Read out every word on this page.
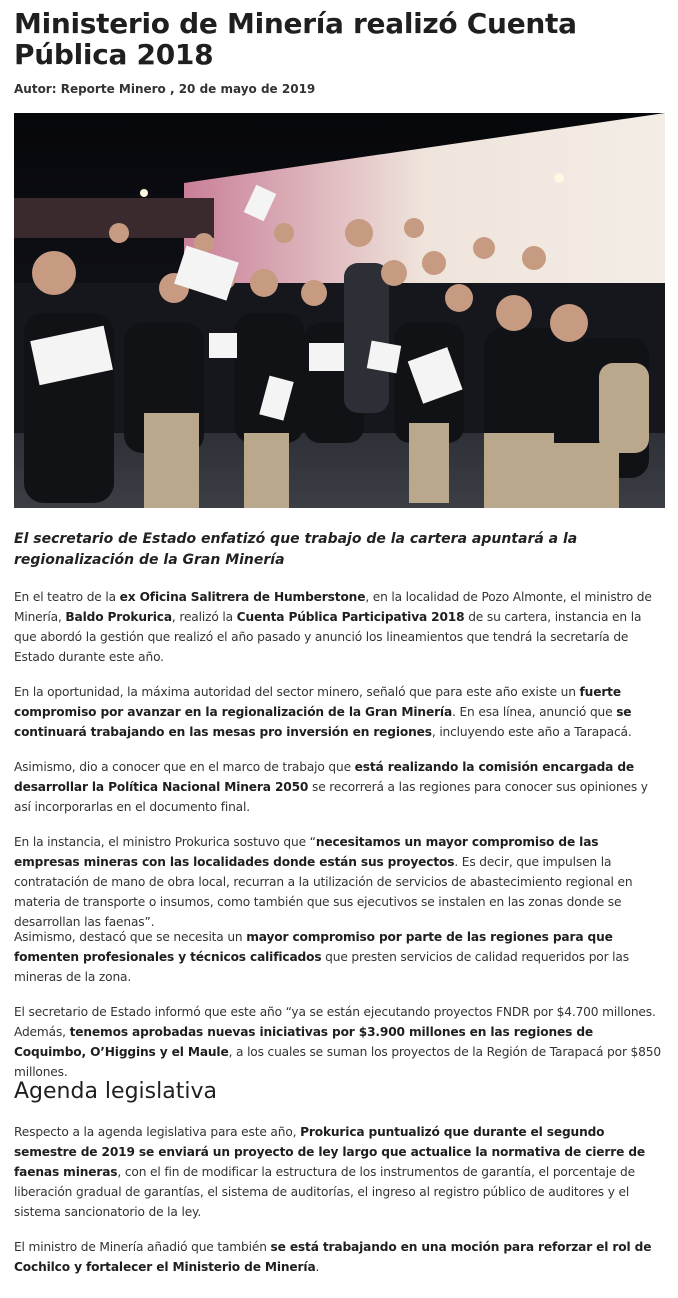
Ministerio de Minería realizó Cuenta Pública 2018

Autor: Reporte Minero , 20 de mayo de 2019

El secretario de Estado enfatizó que trabajo de la cartera apuntará a la regionalización de la Gran Minería

En el teatro de la ex Oficina Salitrera de Humberstone, en la localidad de Pozo Almonte, el ministro de Minería, Baldo Prokurica, realizó la Cuenta Pública Participativa 2018 de su cartera, instancia en la que abordó la gestión que realizó el año pasado y anunció los lineamientos que tendrá la secretaría de Estado durante este año.

En la oportunidad, la máxima autoridad del sector minero, señaló que para este año existe un fuerte compromiso por avanzar en la regionalización de la Gran Minería. En esa línea, anunció que se continuará trabajando en las mesas pro inversión en regiones, incluyendo este año a Tarapacá.

Asimismo, dio a conocer que en el marco de trabajo que está realizando la comisión encargada de desarrollar la Política Nacional Minera 2050 se recorrerá a las regiones para conocer sus opiniones y así incorporarlas en el documento final.

En la instancia, el ministro Prokurica sostuvo que “necesitamos un mayor compromiso de las empresas mineras con las localidades donde están sus proyectos. Es decir, que impulsen la contratación de mano de obra local, recurran a la utilización de servicios de abastecimiento regional en materia de transporte o insumos, como también que sus ejecutivos se instalen en las zonas donde se desarrollan las faenas”.

Asimismo, destacó que se necesita un mayor compromiso por parte de las regiones para que fomenten profesionales y técnicos calificados que presten servicios de calidad requeridos por las mineras de la zona.

El secretario de Estado informó que este año “ya se están ejecutando proyectos FNDR por $4.700 millones. Además, tenemos aprobadas nuevas iniciativas por $3.900 millones en las regiones de Coquimbo, O’Higgins y el Maule, a los cuales se suman los proyectos de la Región de Tarapacá por $850 millones.

Agenda legislativa

Respecto a la agenda legislativa para este año, Prokurica puntualizó que durante el segundo semestre de 2019 se enviará un proyecto de ley largo que actualice la normativa de cierre de faenas mineras, con el fin de modificar la estructura de los instrumentos de garantía, el porcentaje de liberación gradual de garantías, el sistema de auditorías, el ingreso al registro público de auditores y el sistema sancionatorio de la ley.

El ministro de Minería añadió que también se está trabajando en una moción para reforzar el rol de Cochilco y fortalecer el Ministerio de Minería.
